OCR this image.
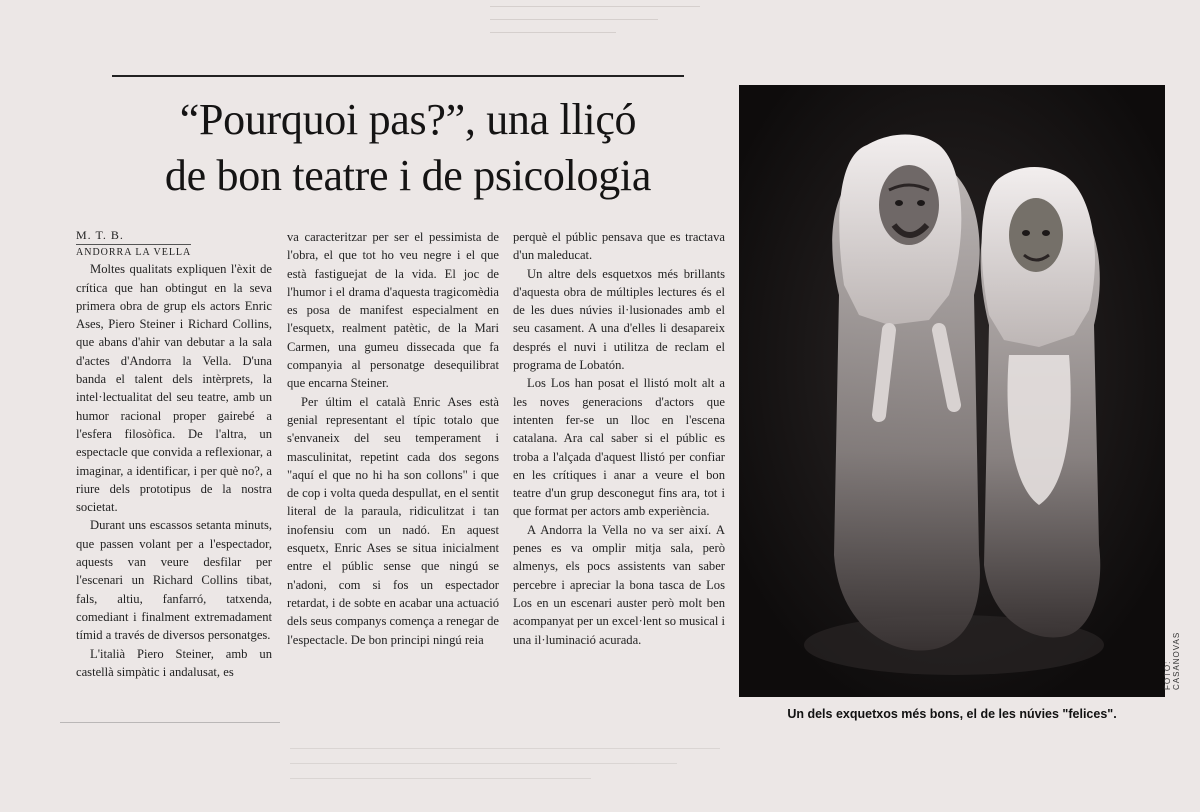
“Pourquoi pas?”, una lliçó
de bon teatre i de psicologia

M. T. B.

ANDORRA LA VELLA

Moltes qualitats expliquen l'èxit de crítica que han obtingut en la seva primera obra de grup els actors Enric Ases, Piero Steiner i Richard Collins, que abans d'ahir van debutar a la sala d'actes d'Andorra la Vella. D'una banda el talent dels intèrprets, la intel·lectualitat del seu teatre, amb un humor racional proper gairebé a l'esfera filosòfica. De l'altra, un espectacle que convida a reflexionar, a imaginar, a identificar, i per què no?, a riure dels prototipus de la nostra societat.

Durant uns escassos setanta minuts, que passen volant per a l'espectador, aquests van veure desfilar per l'escenari un Richard Collins tibat, fals, altiu, fanfarró, tatxenda, comediant i finalment extremadament tímid a través de diversos personatges.

L'italià Piero Steiner, amb un castellà simpàtic i andalusat, es

va caracteritzar per ser el pessimista de l'obra, el que tot ho veu negre i el que està fastiguejat de la vida. El joc de l'humor i el drama d'aquesta tragicomèdia es posa de manifest especialment en l'esquetx, realment patètic, de la Mari Carmen, una gumeu dissecada que fa companyia al personatge desequilibrat que encarna Steiner.

Per últim el català Enric Ases està genial representant el típic totalo que s'envaneix del seu temperament i masculinitat, repetint cada dos segons "aquí el que no hi ha son collons" i que de cop i volta queda despullat, en el sentit literal de la paraula, ridiculitzat i tan inofensiu com un nadó. En aquest esquetx, Enric Ases se situa inicialment entre el públic sense que ningú se n'adoni, com si fos un espectador retardat, i de sobte en acabar una actuació dels seus companys comença a renegar de l'espectacle. De bon principi ningú reia

perquè el públic pensava que es tractava d'un maleducat.

Un altre dels esquetxos més brillants d'aquesta obra de múltiples lectures és el de les dues núvies il·lusionades amb el seu casament. A una d'elles li desapareix després el nuvi i utilitza de reclam el programa de Lobatón.

Los Los han posat el llistó molt alt a les noves generacions d'actors que intenten fer-se un lloc en l'escena catalana. Ara cal saber si el públic es troba a l'alçada d'aquest llistó per confiar en les crítiques i anar a veure el bon teatre d'un grup desconegut fins ara, tot i que format per actors amb experiència.

A Andorra la Vella no va ser així. A penes es va omplir mitja sala, però almenys, els pocs assistents van saber percebre i apreciar la bona tasca de Los Los en un escenari auster però molt ben acompanyat per un excel·lent so musical i una il·luminació acurada.

FOTO: CASANOVAS

Un dels exquetxos més bons, el de les núvies "felices".
